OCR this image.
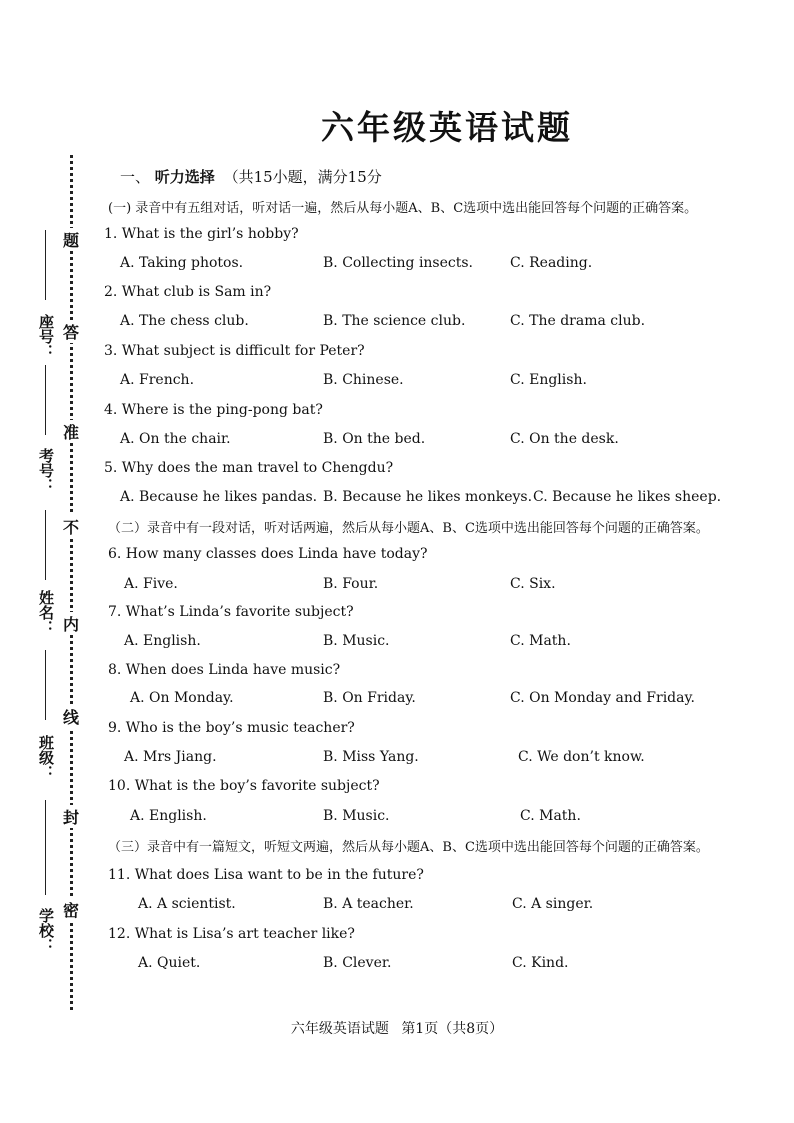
题
答
准
不
内
线
封
密
座号：
考号：
姓名：
班级：
学校：
六年级英语试题
一、 听力选择 （共15小题，满分15分
(一) 录音中有五组对话，听对话一遍，然后从每小题A、B、C选项中选出能回答每个问题的正确答案。
（二）录音中有一段对话，听对话两遍，然后从每小题A、B、C选项中选出能回答每个问题的正确答案。
（三）录音中有一篇短文，听短文两遍，然后从每小题A、B、C选项中选出能回答每个问题的正确答案。
1. What is the girl’s hobby?
A. Taking photos.	B. Collecting insects.	C. Reading.
2. What club is Sam in?
A. The chess club.	B. The science club.	C. The drama club.
3. What subject is difficult for Peter?
A. French.	B. Chinese.	C. English.
4. Where is the ping-pong bat?
A. On the chair.	B. On the bed.	C. On the desk.
5. Why does the man travel to Chengdu?
A. Because he likes pandas. B. Because he likes monkeys. C. Because he likes sheep.
6. How many classes does Linda have today?
A. Five.	B. Four.	C. Six.
7. What’s Linda’s favorite subject?
A. English.	B. Music.	C. Math.
8. When does Linda have music?
A. On Monday.	B. On Friday.	C. On Monday and Friday.
9. Who is the boy’s music teacher?
A. Mrs Jiang.	B. Miss Yang.	C. We don’t know.
10. What is the boy’s favorite subject?
A. English.	B. Music.	C. Math.
11. What does Lisa want to be in the future?
A. A scientist.	B. A teacher.	C. A singer.
12. What is Lisa’s art teacher like?
A. Quiet.	B. Clever.	C. Kind.
六年级英语试题 第1页（共8页）
